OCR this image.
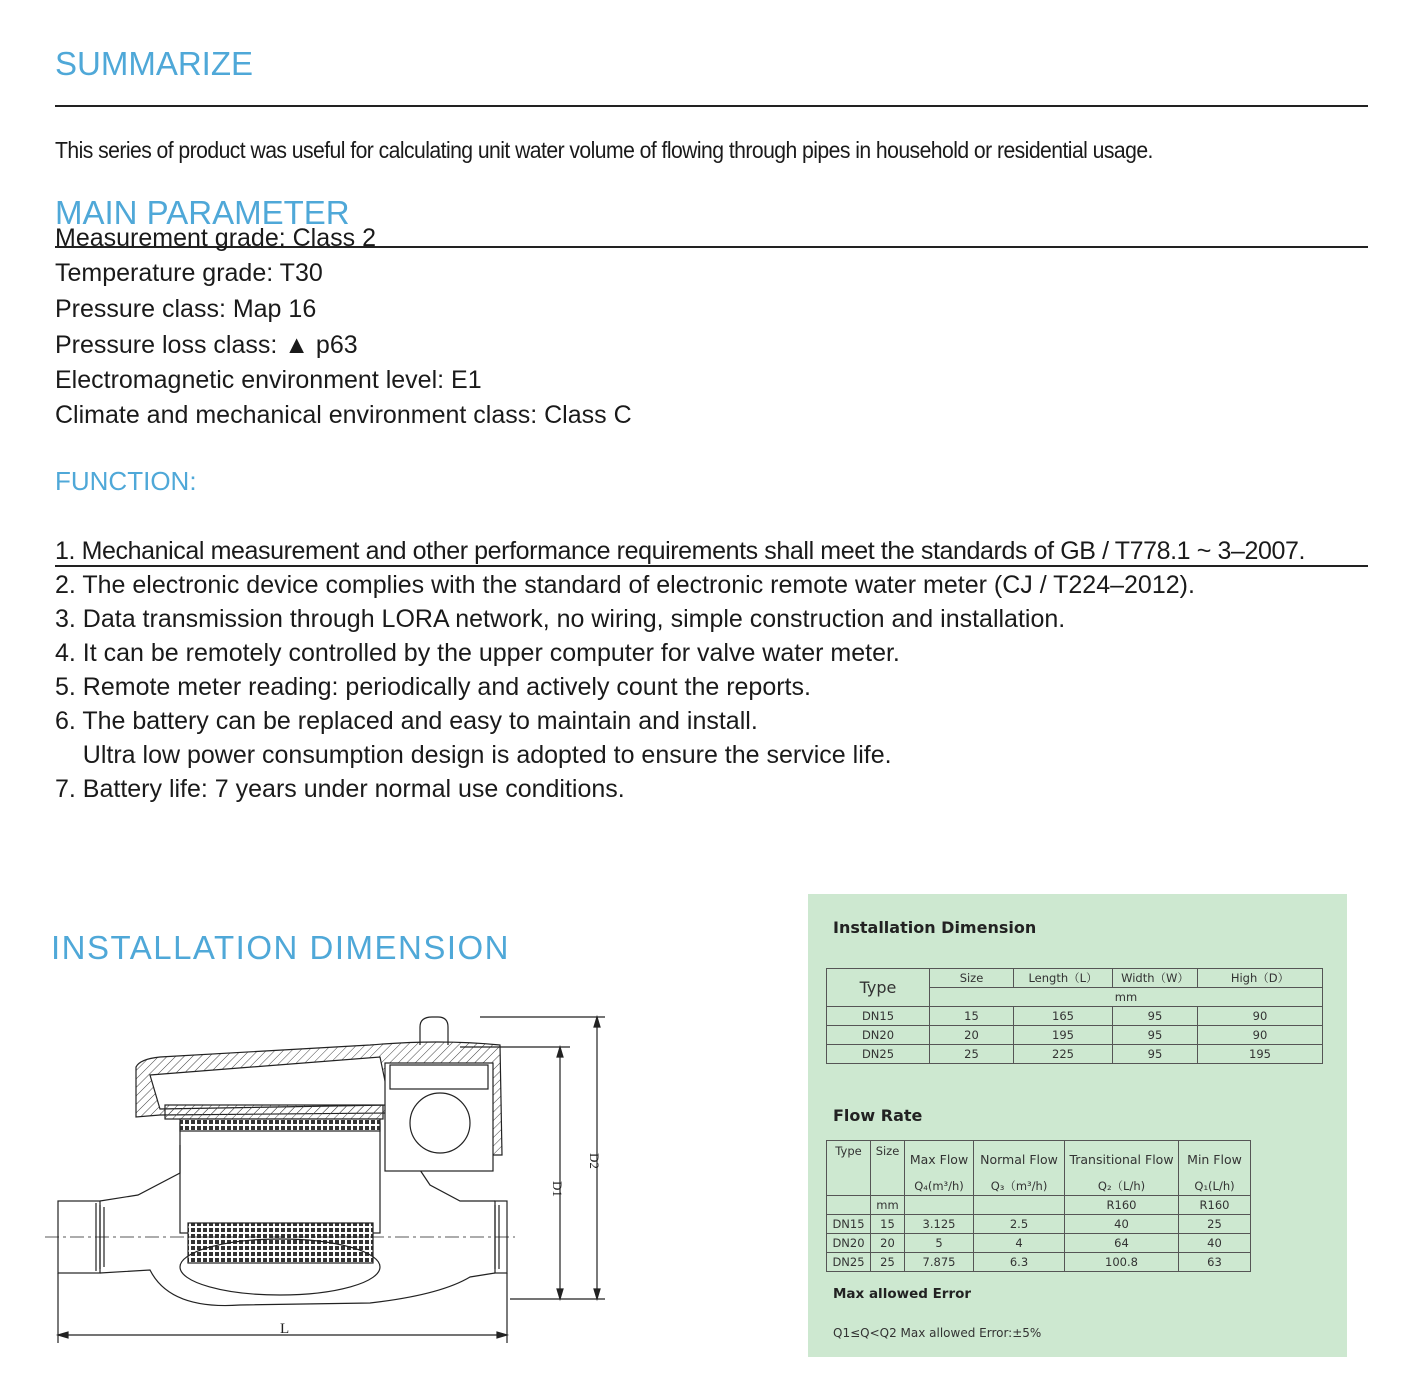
SUMMARIZE
This series of product was useful for calculating unit water volume of flowing through pipes in household or residential usage.
MAIN PARAMETER
Measurement grade: Class 2
Temperature grade: T30
Pressure class: Map 16
Pressure loss class: ▲ p63
Electromagnetic environment level: E1
Climate and mechanical environment class: Class C
FUNCTION:
1. Mechanical measurement and other performance requirements shall meet the standards of GB / T778.1 ~ 3–2007.
2. The electronic device complies with the standard of electronic remote water meter (CJ / T224–2012).
3. Data transmission through LORA network, no wiring, simple construction and installation.
4. It can be remotely controlled by the upper computer for valve water meter.
5. Remote meter reading: periodically and actively count the reports.
6. The battery can be replaced and easy to maintain and install.
Ultra low power consumption design is adopted to ensure the service life.
7. Battery life: 7 years under normal use conditions.
INSTALLATION DIMENSION
L
D1
D2
Installation Dimension
Type	Size	Length（L）	Width（W）	High（D）
	mm			
DN15	15	165	95	90
DN20	20	195	95	90
DN25	25	225	95	195
Flow Rate
Type	Size	Max Flow	Normal Flow	Transitional Flow	Min Flow
		Q₄(m³/h)	Q₃（m³/h)	Q₂（L/h)	Q₁(L/h)
	mm			R160	R160
DN15	15	3.125	2.5	40	25
DN20	20	5	4	64	40
DN25	25	7.875	6.3	100.8	63
Max allowed Error
Q1≤Q<Q2 Max allowed Error:±5%
